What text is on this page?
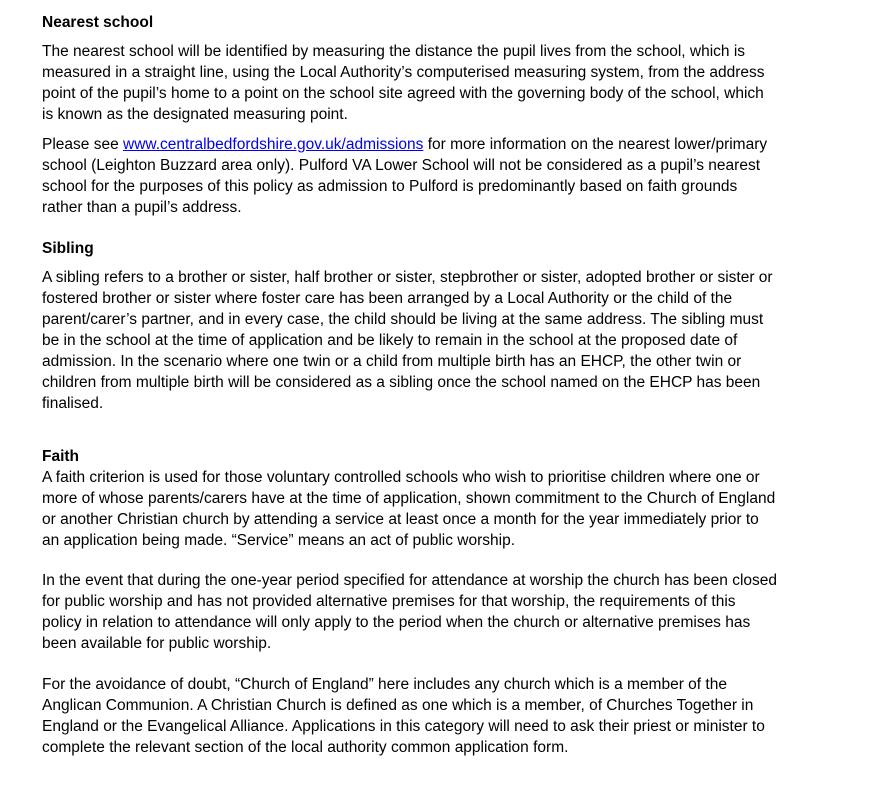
Nearest school
The nearest school will be identified by measuring the distance the pupil lives from the school, which is
measured in a straight line, using the Local Authority’s computerised measuring system, from the address
point of the pupil’s home to a point on the school site agreed with the governing body of the school, which
is known as the designated measuring point.
Please see www.centralbedfordshire.gov.uk/admissions for more information on the nearest lower/primary
school (Leighton Buzzard area only). Pulford VA Lower School will not be considered as a pupil’s nearest
school for the purposes of this policy as admission to Pulford is predominantly based on faith grounds
rather than a pupil’s address.
Sibling
A sibling refers to a brother or sister, half brother or sister, stepbrother or sister, adopted brother or sister or
fostered brother or sister where foster care has been arranged by a Local Authority or the child of the
parent/carer’s partner, and in every case, the child should be living at the same address. The sibling must
be in the school at the time of application and be likely to remain in the school at the proposed date of
admission. In the scenario where one twin or a child from multiple birth has an EHCP, the other twin or
children from multiple birth will be considered as a sibling once the school named on the EHCP has been
finalised.
Faith
A faith criterion is used for those voluntary controlled schools who wish to prioritise children where one or
more of whose parents/carers have at the time of application, shown commitment to the Church of England
or another Christian church by attending a service at least once a month for the year immediately prior to
an application being made. “Service” means an act of public worship.
In the event that during the one-year period specified for attendance at worship the church has been closed
for public worship and has not provided alternative premises for that worship, the requirements of this
policy in relation to attendance will only apply to the period when the church or alternative premises has
been available for public worship.
For the avoidance of doubt, “Church of England” here includes any church which is a member of the
Anglican Communion. A Christian Church is defined as one which is a member, of Churches Together in
England or the Evangelical Alliance. Applications in this category will need to ask their priest or minister to
complete the relevant section of the local authority common application form.
